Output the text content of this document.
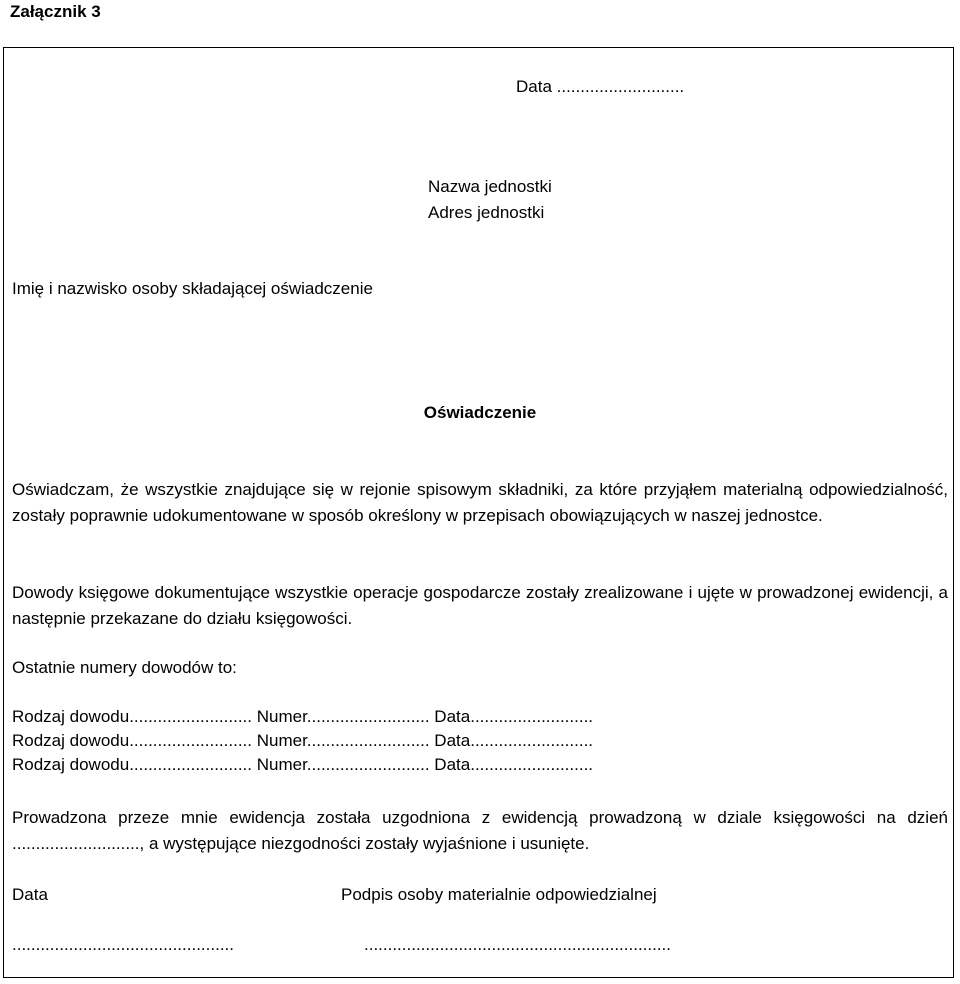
Załącznik 3
Data ...........................
Nazwa jednostki
Adres jednostki
Imię i nazwisko osoby składającej oświadczenie
Oświadczenie
Oświadczam, że wszystkie znajdujące się w rejonie spisowym składniki, za które przyjąłem materialną odpowiedzialność, zostały poprawnie udokumentowane w sposób określony w przepisach obowiązujących w naszej jednostce.
Dowody księgowe dokumentujące wszystkie operacje gospodarcze zostały zrealizowane i ujęte w prowadzonej ewidencji, a następnie przekazane do działu księgowości.
Ostatnie numery dowodów to:
Rodzaj dowodu.......................... Numer.......................... Data..........................
Rodzaj dowodu.......................... Numer.......................... Data..........................
Rodzaj dowodu.......................... Numer.......................... Data..........................
Prowadzona przeze mnie ewidencja została uzgodniona z ewidencją prowadzoną w dziale księgowości na dzień ..........................., a występujące niezgodności zostały wyjaśnione i usunięte.
Data	Podpis osoby materialnie odpowiedzialnej
...............................................	.................................................................
